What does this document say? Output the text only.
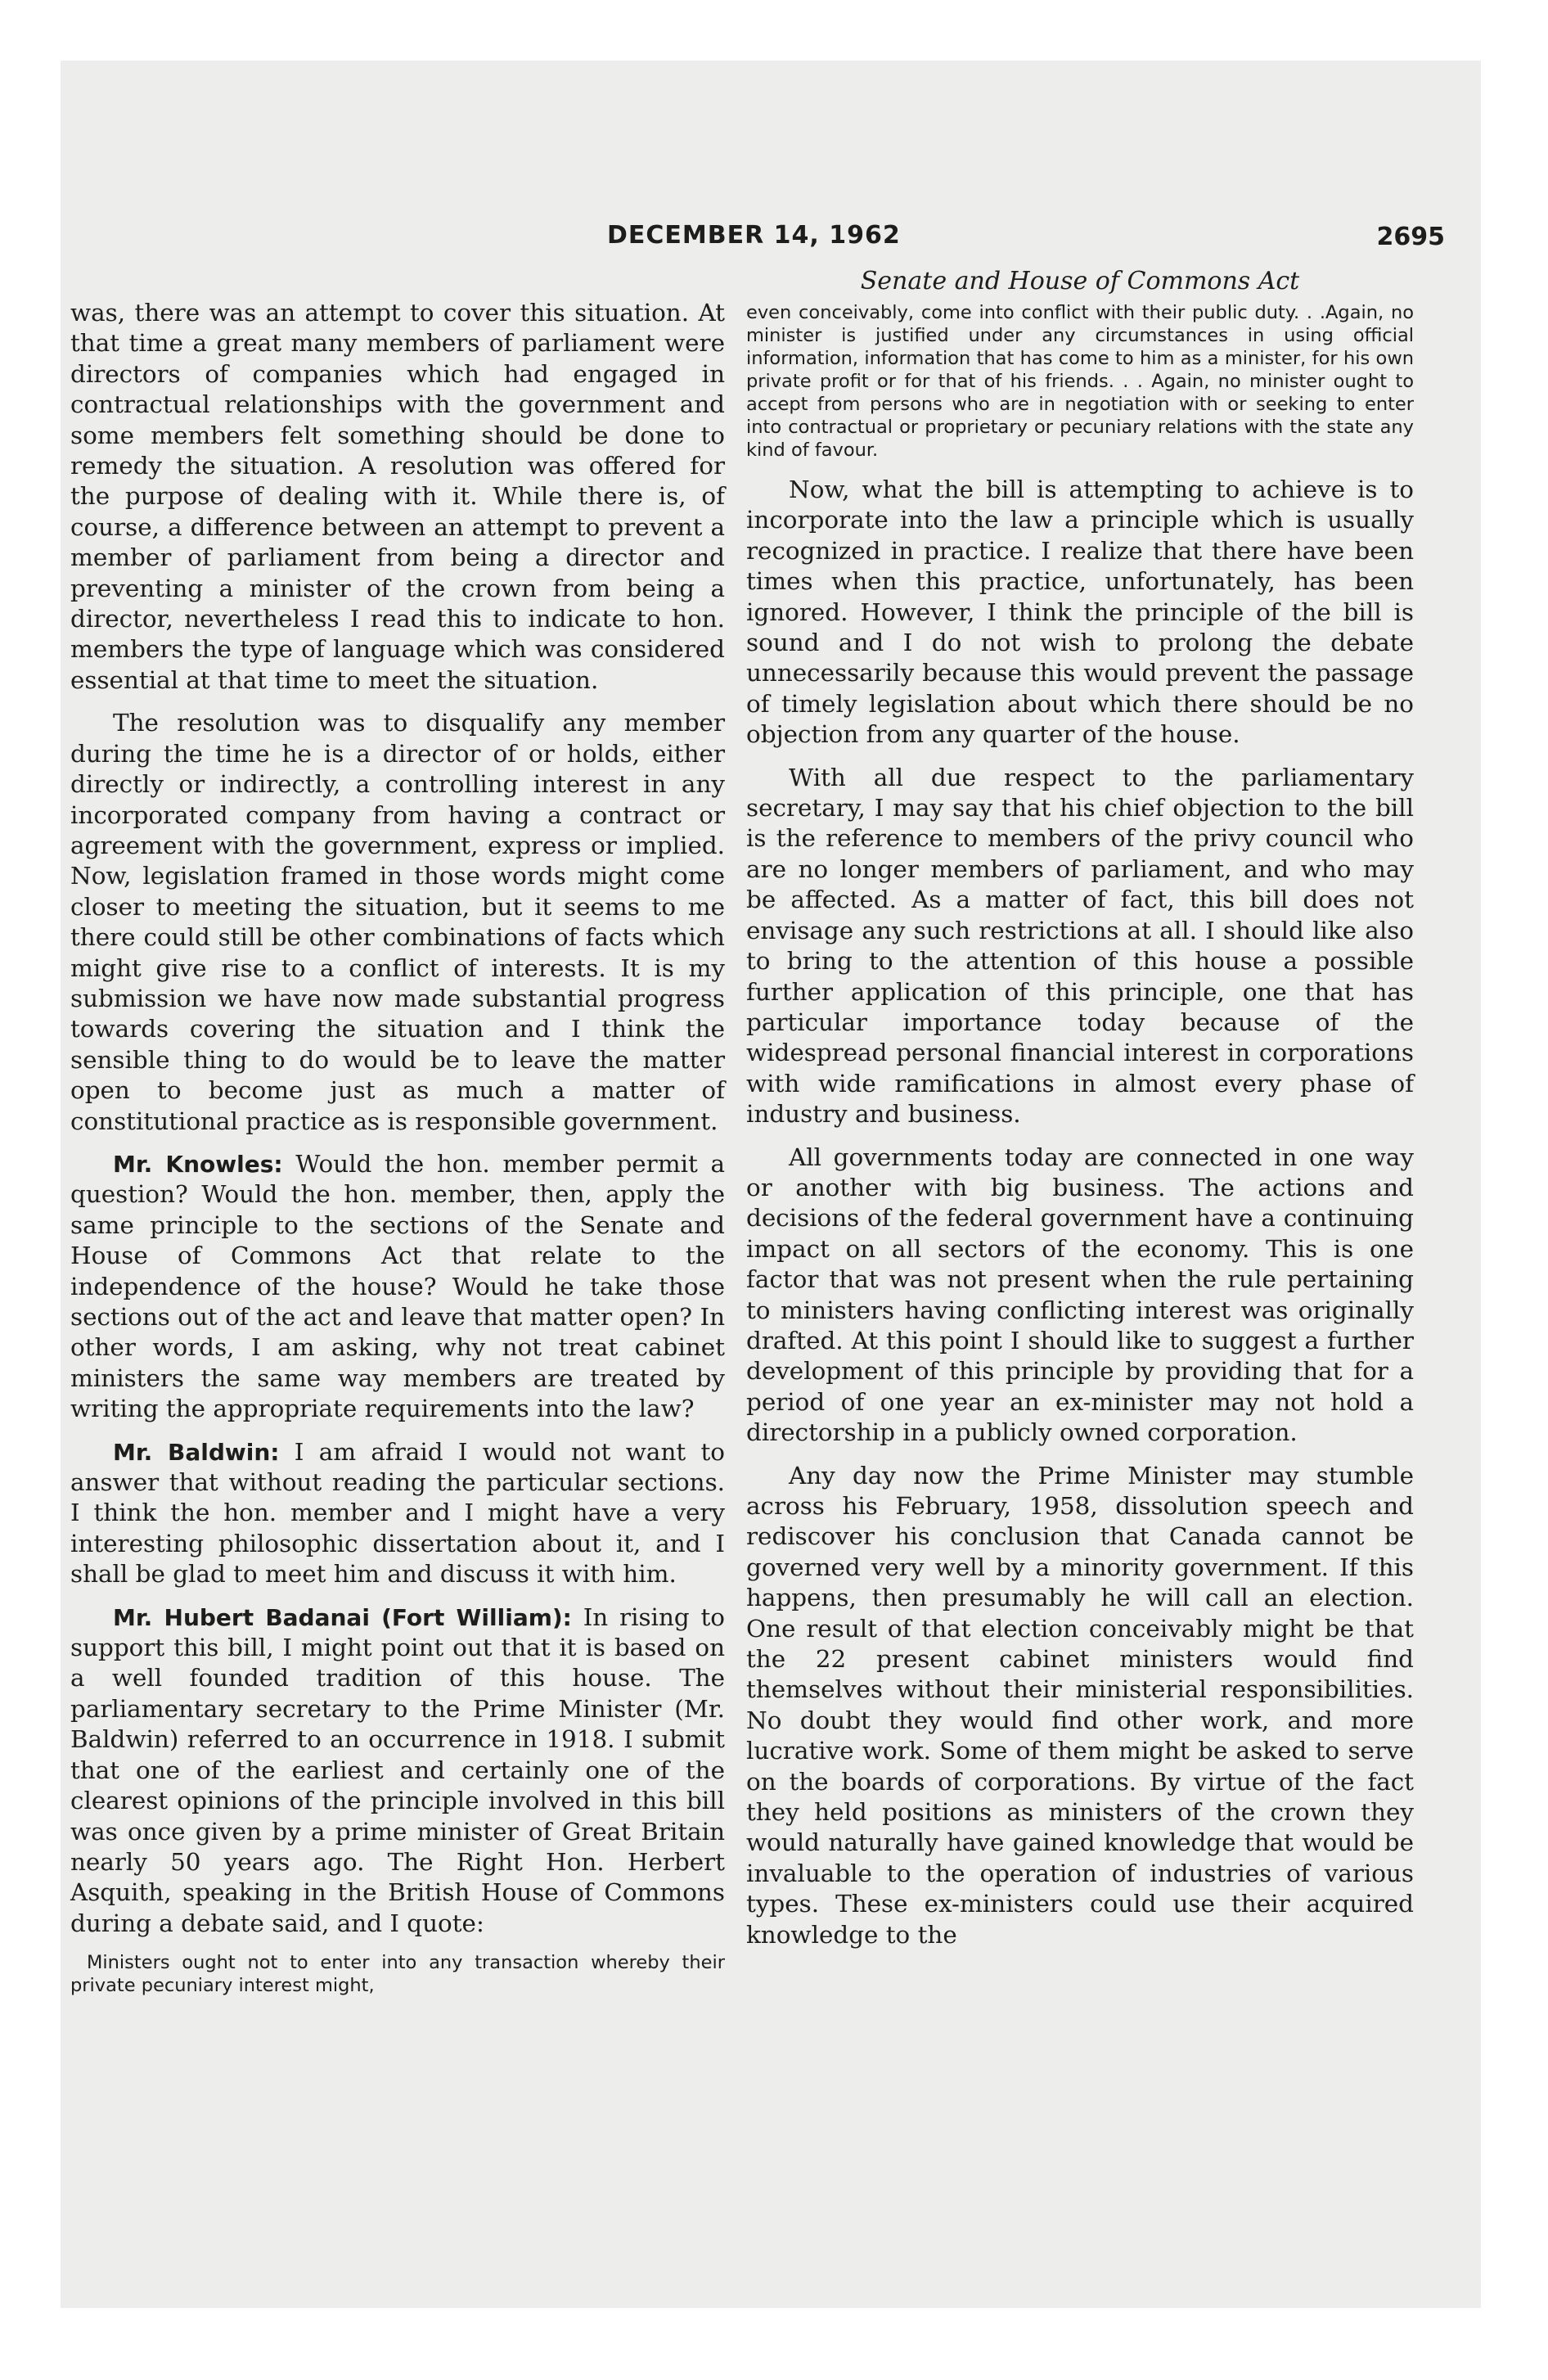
DECEMBER 14, 1962	2695

was, there was an attempt to cover this situation. At that time a great many members of parliament were directors of companies which had engaged in contractual relationships with the government and some members felt something should be done to remedy the situation. A resolution was offered for the purpose of dealing with it. While there is, of course, a difference between an attempt to prevent a member of parliament from being a director and preventing a minister of the crown from being a director, nevertheless I read this to indicate to hon. members the type of language which was considered essential at that time to meet the situation.

The resolution was to disqualify any member during the time he is a director of or holds, either directly or indirectly, a controlling interest in any incorporated company from having a contract or agreement with the government, express or implied. Now, legislation framed in those words might come closer to meeting the situation, but it seems to me there could still be other combinations of facts which might give rise to a conflict of interests. It is my submission we have now made substantial progress towards covering the situation and I think the sensible thing to do would be to leave the matter open to become just as much a matter of constitutional practice as is responsible government.

Mr. Knowles: Would the hon. member permit a question? Would the hon. member, then, apply the same principle to the sections of the Senate and House of Commons Act that relate to the independence of the house? Would he take those sections out of the act and leave that matter open? In other words, I am asking, why not treat cabinet ministers the same way members are treated by writing the appropriate requirements into the law?

Mr. Baldwin: I am afraid I would not want to answer that without reading the particular sections. I think the hon. member and I might have a very interesting philosophic dissertation about it, and I shall be glad to meet him and discuss it with him.

Mr. Hubert Badanai (Fort William): In rising to support this bill, I might point out that it is based on a well founded tradition of this house. The parliamentary secretary to the Prime Minister (Mr. Baldwin) referred to an occurrence in 1918. I submit that one of the earliest and certainly one of the clearest opinions of the principle involved in this bill was once given by a prime minister of Great Britain nearly 50 years ago. The Right Hon. Herbert Asquith, speaking in the British House of Commons during a debate said, and I quote:

Ministers ought not to enter into any transaction whereby their private pecuniary interest might,
Senate and House of Commons Act
even conceivably, come into conflict with their public duty. . .Again, no minister is justified under any circumstances in using official information, information that has come to him as a minister, for his own private profit or for that of his friends. . . Again, no minister ought to accept from persons who are in negotiation with or seeking to enter into contractual or proprietary or pecuniary relations with the state any kind of favour.

Now, what the bill is attempting to achieve is to incorporate into the law a principle which is usually recognized in practice. I realize that there have been times when this practice, unfortunately, has been ignored. However, I think the principle of the bill is sound and I do not wish to prolong the debate unnecessarily because this would prevent the passage of timely legislation about which there should be no objection from any quarter of the house.

With all due respect to the parliamentary secretary, I may say that his chief objection to the bill is the reference to members of the privy council who are no longer members of parliament, and who may be affected. As a matter of fact, this bill does not envisage any such restrictions at all. I should like also to bring to the attention of this house a possible further application of this principle, one that has particular importance today because of the widespread personal financial interest in corporations with wide ramifications in almost every phase of industry and business.

All governments today are connected in one way or another with big business. The actions and decisions of the federal government have a continuing impact on all sectors of the economy. This is one factor that was not present when the rule pertaining to ministers having conflicting interest was originally drafted. At this point I should like to suggest a further development of this principle by providing that for a period of one year an ex-minister may not hold a directorship in a publicly owned corporation.

Any day now the Prime Minister may stumble across his February, 1958, dissolution speech and rediscover his conclusion that Canada cannot be governed very well by a minority government. If this happens, then presumably he will call an election. One result of that election conceivably might be that the 22 present cabinet ministers would find themselves without their ministerial responsibilities. No doubt they would find other work, and more lucrative work. Some of them might be asked to serve on the boards of corporations. By virtue of the fact they held positions as ministers of the crown they would naturally have gained knowledge that would be invaluable to the operation of industries of various types. These ex-ministers could use their acquired knowledge to the
